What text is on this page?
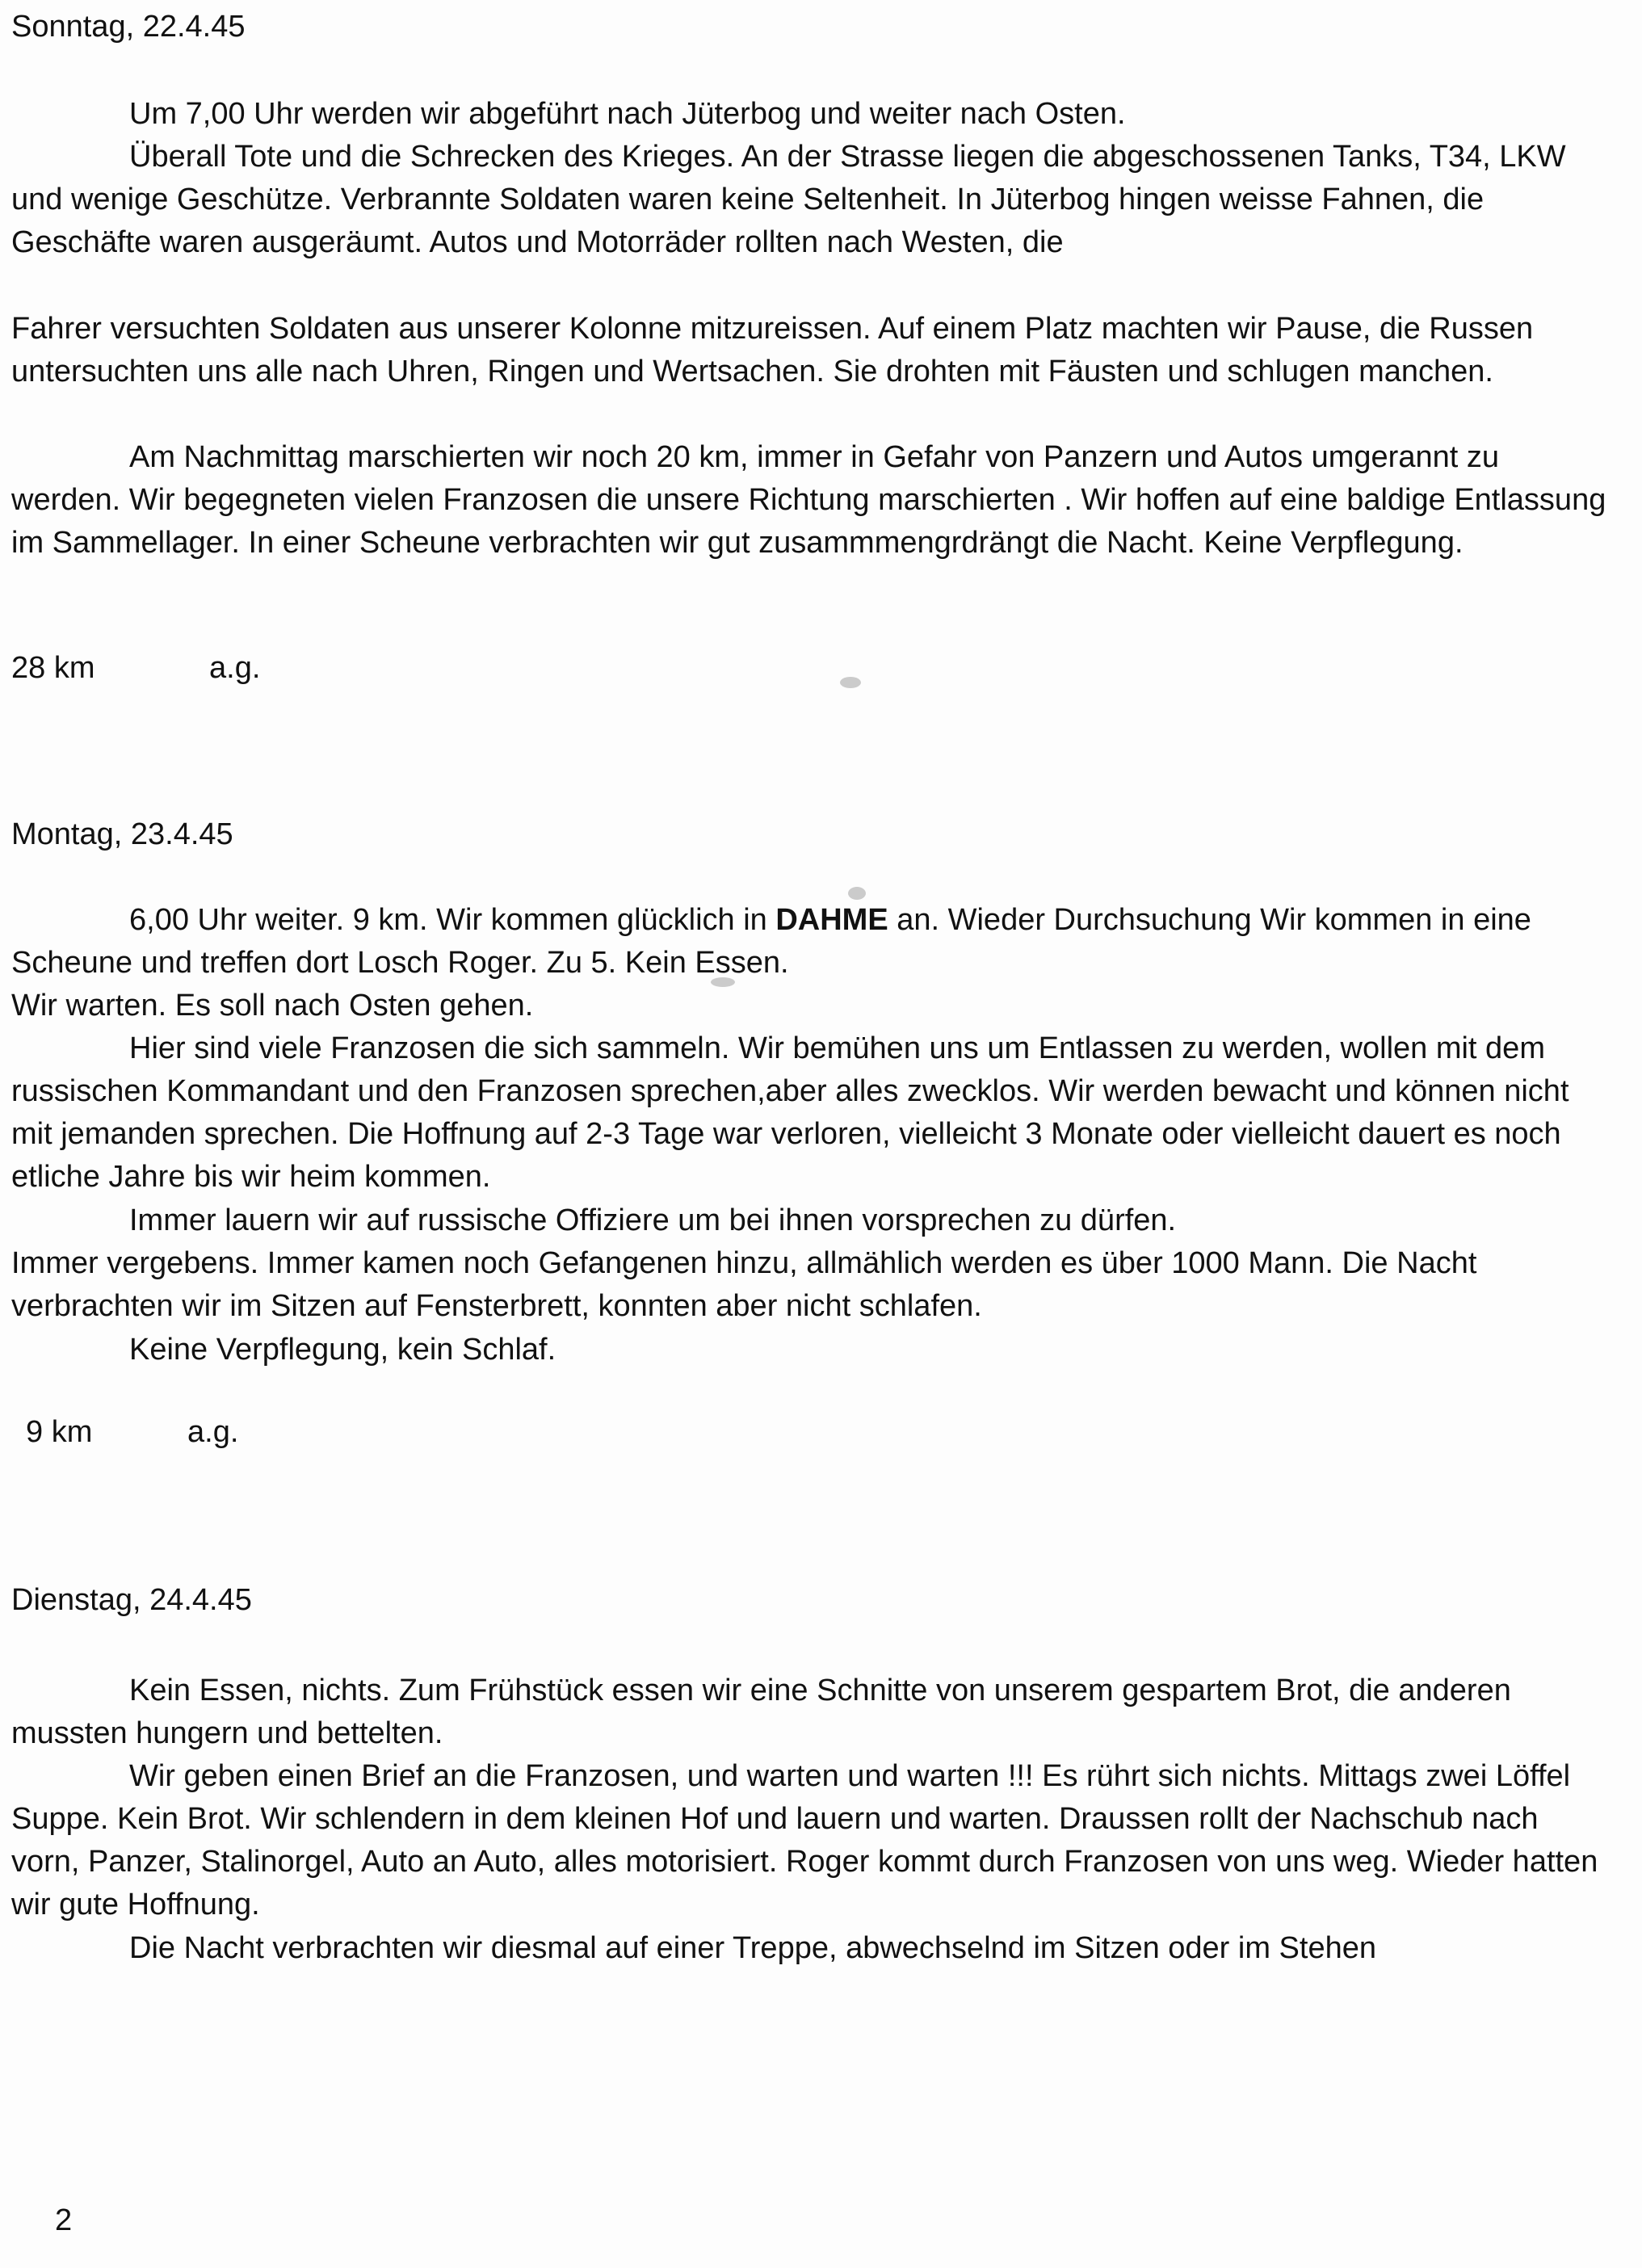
Sonntag, 22.4.45
Um 7,00 Uhr werden wir abgeführt nach Jüterbog und weiter nach Osten.
Überall Tote und die Schrecken des Krieges. An der Strasse liegen die abgeschossenen Tanks, T34, LKW und wenige Geschütze. Verbrannte Soldaten waren keine Seltenheit. In Jüterbog hingen weisse Fahnen, die Geschäfte waren ausgeräumt. Autos und Motorräder rollten nach Westen, die
Fahrer versuchten Soldaten aus unserer Kolonne mitzureissen. Auf einem Platz machten wir Pause, die Russen untersuchten uns alle nach Uhren, Ringen und Wertsachen. Sie drohten mit Fäusten und schlugen manchen.
Am Nachmittag marschierten wir noch 20 km, immer in Gefahr von Panzern und Autos umgerannt zu werden. Wir begegneten vielen Franzosen die unsere Richtung marschierten . Wir hoffen auf eine baldige Entlassung im Sammellager. In einer Scheune verbrachten wir gut zusammmengrdrängt die Nacht. Keine Verpflegung.
28 km	a.g.
Montag, 23.4.45
6,00 Uhr weiter. 9 km. Wir kommen glücklich in DAHME an. Wieder Durchsuchung Wir kommen in eine Scheune und treffen dort Losch Roger. Zu 5. Kein Essen.
Wir warten. Es soll nach Osten gehen.
Hier sind viele Franzosen die sich sammeln. Wir bemühen uns um Entlassen zu werden, wollen mit dem russischen Kommandant und den Franzosen sprechen,aber alles zwecklos. Wir werden bewacht und können nicht mit jemanden sprechen. Die Hoffnung auf 2-3 Tage war verloren, vielleicht 3 Monate oder vielleicht dauert es noch etliche Jahre bis wir heim kommen.
Immer lauern wir auf russische Offiziere um bei ihnen vorsprechen zu dürfen.
Immer vergebens. Immer kamen noch Gefangenen hinzu, allmählich werden es über 1000 Mann. Die Nacht verbrachten wir im Sitzen auf Fensterbrett, konnten aber nicht schlafen.
Keine Verpflegung, kein Schlaf.
9 km	a.g.
Dienstag, 24.4.45
Kein Essen, nichts. Zum Frühstück essen wir eine Schnitte von unserem gespartem Brot, die anderen mussten hungern und bettelten.
Wir geben einen Brief an die Franzosen, und warten und warten !!! Es rührt sich nichts. Mittags zwei Löffel Suppe. Kein Brot. Wir schlendern in dem kleinen Hof und lauern und warten. Draussen rollt der Nachschub nach vorn, Panzer, Stalinorgel, Auto an Auto, alles motorisiert. Roger kommt durch Franzosen von uns weg. Wieder hatten wir gute Hoffnung.
Die Nacht verbrachten wir diesmal auf einer Treppe, abwechselnd im Sitzen oder im Stehen
2
